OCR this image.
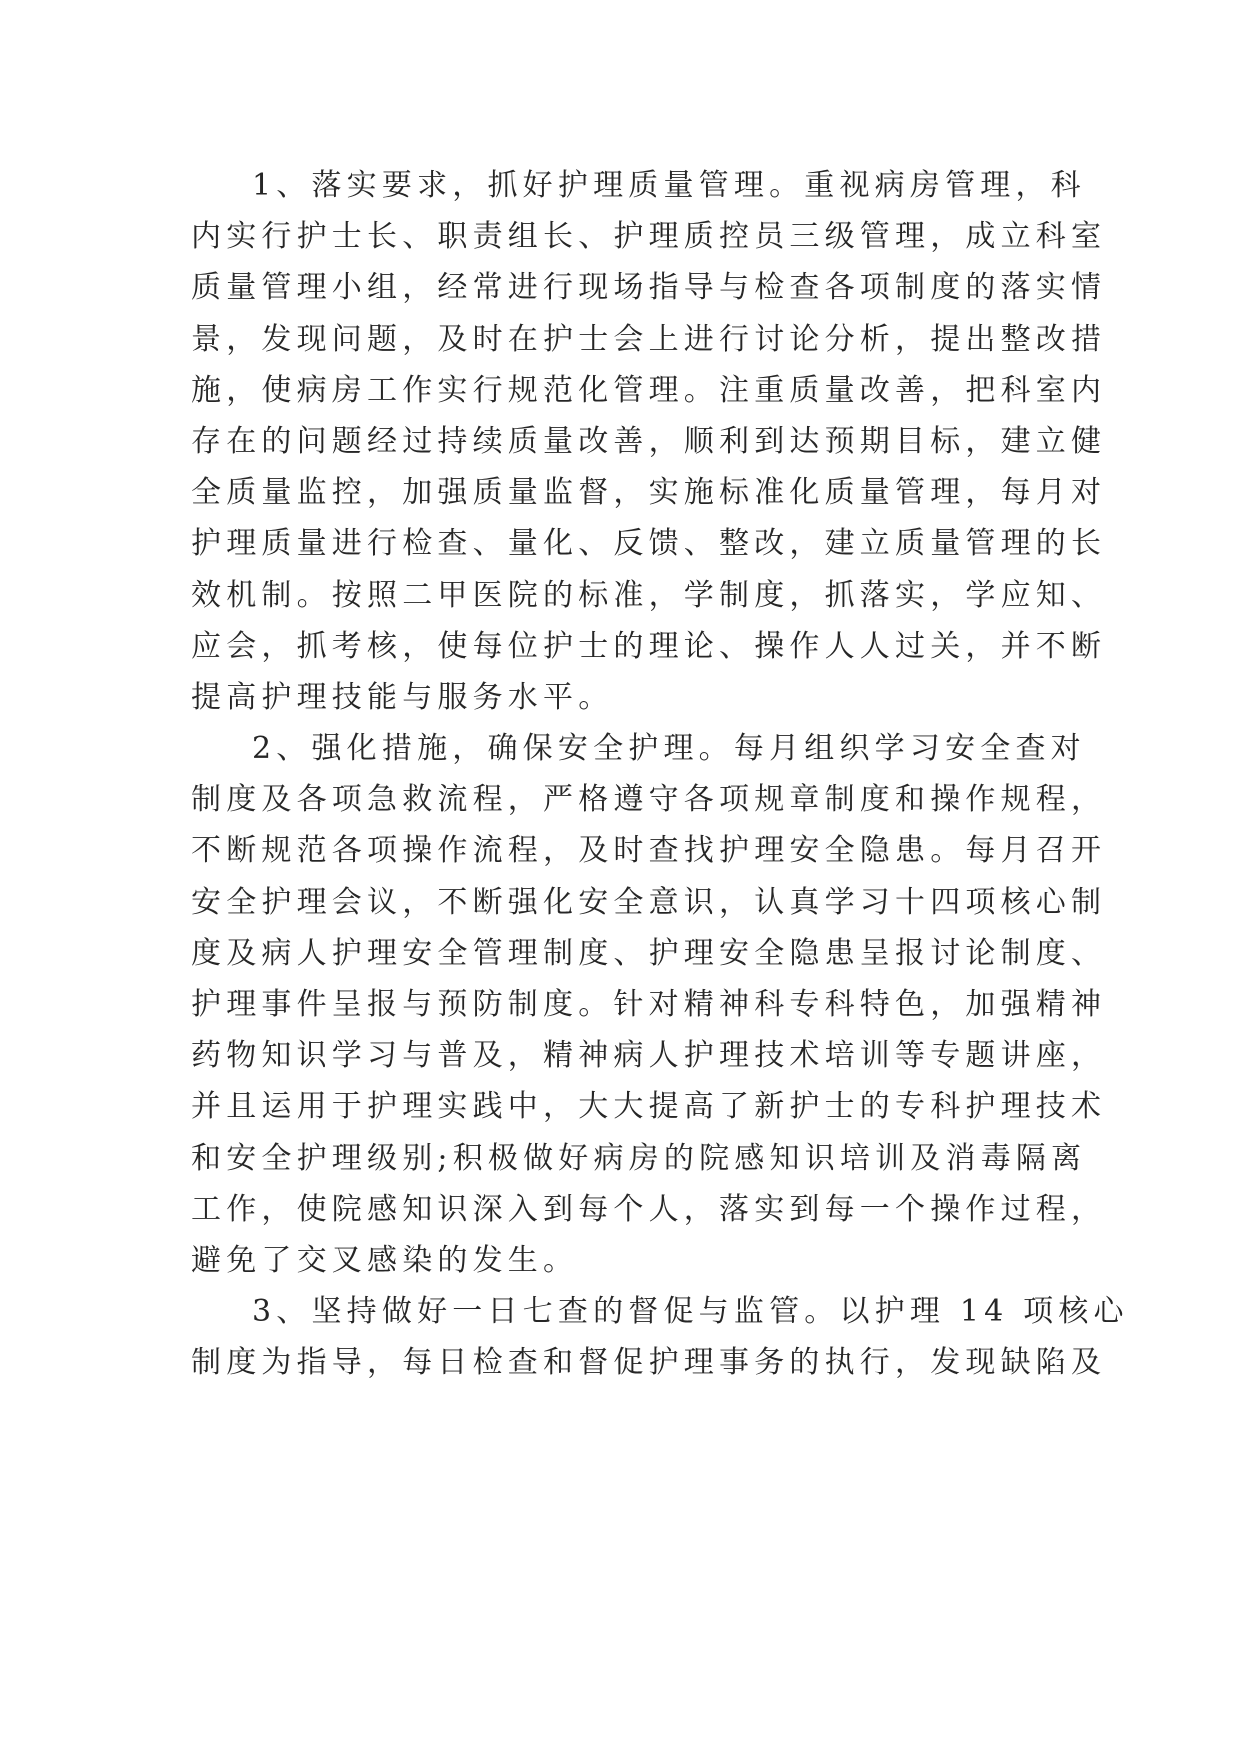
1、落实要求，抓好护理质量管理。重视病房管理，科
内实行护士长、职责组长、护理质控员三级管理，成立科室
质量管理小组，经常进行现场指导与检查各项制度的落实情
景，发现问题，及时在护士会上进行讨论分析，提出整改措
施，使病房工作实行规范化管理。注重质量改善，把科室内
存在的问题经过持续质量改善，顺利到达预期目标，建立健
全质量监控，加强质量监督，实施标准化质量管理，每月对
护理质量进行检查、量化、反馈、整改，建立质量管理的长
效机制。按照二甲医院的标准，学制度，抓落实，学应知、
应会，抓考核，使每位护士的理论、操作人人过关，并不断
提高护理技能与服务水平。
2、强化措施，确保安全护理。每月组织学习安全查对
制度及各项急救流程，严格遵守各项规章制度和操作规程，
不断规范各项操作流程，及时查找护理安全隐患。每月召开
安全护理会议，不断强化安全意识，认真学习十四项核心制
度及病人护理安全管理制度、护理安全隐患呈报讨论制度、
护理事件呈报与预防制度。针对精神科专科特色，加强精神
药物知识学习与普及，精神病人护理技术培训等专题讲座，
并且运用于护理实践中，大大提高了新护士的专科护理技术
和安全护理级别;积极做好病房的院感知识培训及消毒隔离
工作，使院感知识深入到每个人，落实到每一个操作过程，
避免了交叉感染的发生。
3、坚持做好一日七查的督促与监管。以护理 14 项核心
制度为指导，每日检查和督促护理事务的执行，发现缺陷及
